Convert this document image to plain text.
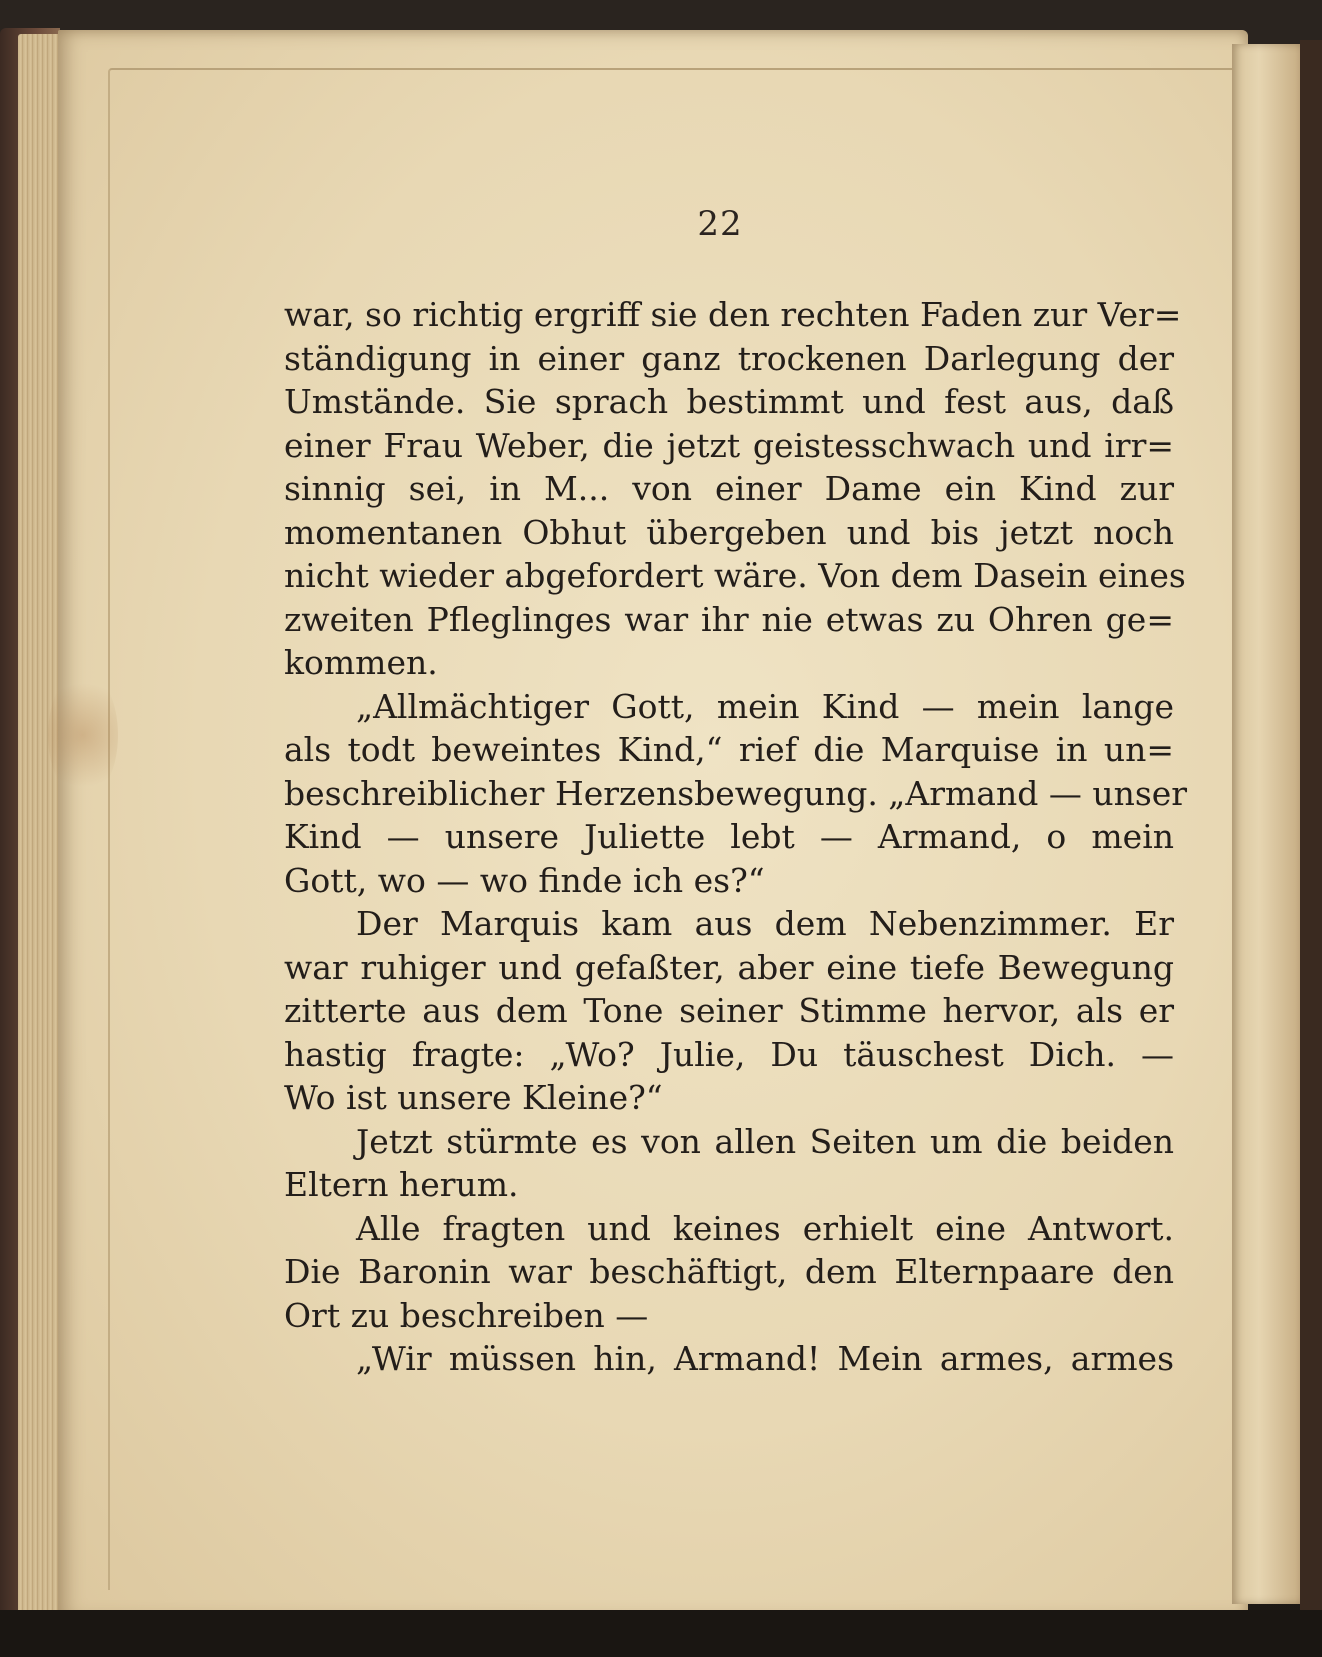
22
war, so richtig ergriff sie den rechten Faden zur Ver=
ständigung in einer ganz trockenen Darlegung der
Umstände. Sie sprach bestimmt und fest aus, daß
einer Frau Weber, die jetzt geistesschwach und irr=
sinnig sei, in M... von einer Dame ein Kind zur
momentanen Obhut übergeben und bis jetzt noch
nicht wieder abgefordert wäre. Von dem Dasein eines
zweiten Pfleglinges war ihr nie etwas zu Ohren ge=
kommen.
„Allmächtiger Gott, mein Kind — mein lange
als todt beweintes Kind,“ rief die Marquise in un=
beschreiblicher Herzensbewegung. „Armand — unser
Kind — unsere Juliette lebt — Armand, o mein
Gott, wo — wo finde ich es?“
Der Marquis kam aus dem Nebenzimmer. Er
war ruhiger und gefaßter, aber eine tiefe Bewegung
zitterte aus dem Tone seiner Stimme hervor, als er
hastig fragte: „Wo? Julie, Du täuschest Dich. —
Wo ist unsere Kleine?“
Jetzt stürmte es von allen Seiten um die beiden
Eltern herum.
Alle fragten und keines erhielt eine Antwort.
Die Baronin war beschäftigt, dem Elternpaare den
Ort zu beschreiben —
„Wir müssen hin, Armand! Mein armes, armes
